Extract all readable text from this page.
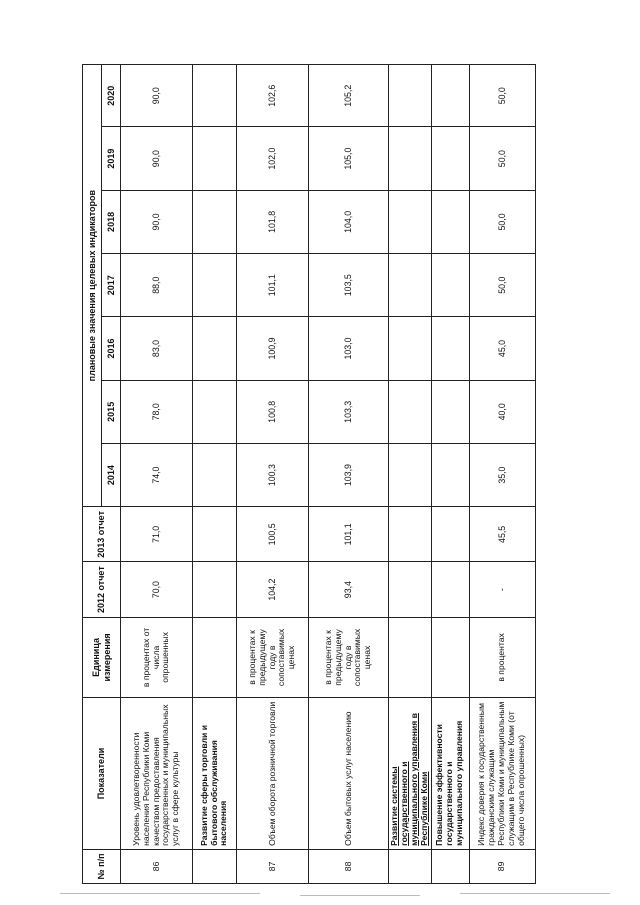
№ п/п	Показатели	Единица измерения	2012 отчет	2013 отчет	плановые значения целевых индикаторов						
					2014	2015	2016	2017	2018	2019	2020
86	Уровень удовлетворенности населения Республики Коми качеством предоставления государственных и муниципальных услуг в сфере культуры	в процентах от числа опрошенных	70,0	71,0	74,0	78,0	83,0	88,0	90,0	90,0	90,0
	Развитие сферы торговли и бытового обслуживания населения										
87	Объем оборота розничной торговли	в процентах к предыдущему году в сопоставимых ценах	104,2	100,5	100,3	100,8	100,9	101,1	101,8	102,0	102,6
88	Объем бытовых услуг населению	в процентах к предыдущему году в сопоставимых ценах	93,4	101,1	103,9	103,3	103,0	103,5	104,0	105,0	105,2
	Развитие системы государственного и муниципального управления в Республике Коми										
	Повышение эффективности государственного и муниципального управления										
89	Индекс доверия к государственным гражданским служащим Республики Коми и муниципальным служащим в Республике Коми (от общего числа опрошенных)	в процентах	-	45,5	35,0	40,0	45,0	50,0	50,0	50,0	50,0
